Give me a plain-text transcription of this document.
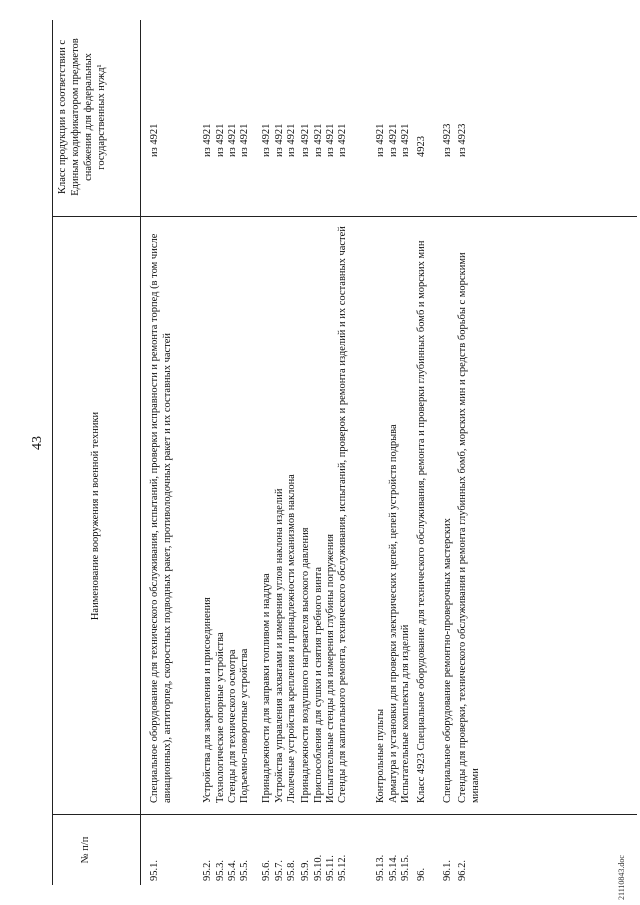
43
№ п/п
Наименование вооружения и военной техники
Класс продукции в соответствии с Единым кодификатором предметов снабжения для федеральных государственных нужд¹
95.1.
Специальное оборудование для технического обслуживания, испытаний, проверки исправности и ремонта торпед (в том числе авиационных), антиторпед, скоростных подводных ракет, противолодочных ракет и их составных частей
из 4921
95.2.
Устройства для закрепления и присоединения
из 4921
95.3.
Технологические опорные устройства
из 4921
95.4.
Стенды для технического осмотра
из 4921
95.5.
Подъемно-поворотные устройства
из 4921
95.6.
Принадлежности для заправки топливом и наддува
из 4921
95.7.
Устройства управления захватами и измерения углов наклона изделий
из 4921
95.8.
Люлечные устройства крепления и принадлежности механизмов наклона
из 4921
95.9.
Принадлежности воздушного нагревателя высокого давления
из 4921
95.10.
Приспособления для сушки и снятия гребного винта
из 4921
95.11.
Испытательные стенды для измерения глубины погружения
из 4921
95.12.
Стенды для капитального ремонта, технического обслуживания, испытаний, проверок и ремонта изделий и их составных частей
из 4921
95.13.
Контрольные пульты
из 4921
95.14.
Арматура и установки для проверки электрических цепей, цепей устройств подрыва
из 4921
95.15.
Испытательные комплекты для изделий
из 4921
96.
Класс 4923 Специальное оборудование для технического обслуживания, ремонта и проверки глубинных бомб и морских мин
4923
96.1.
Специальное оборудование ремонтно-проверочных мастерских
из 4923
96.2.
Стенды для проверки, технического обслуживания и ремонта глубинных бомб, морских мин и средств борьбы с морскими минами
из 4923
21110843.doc
